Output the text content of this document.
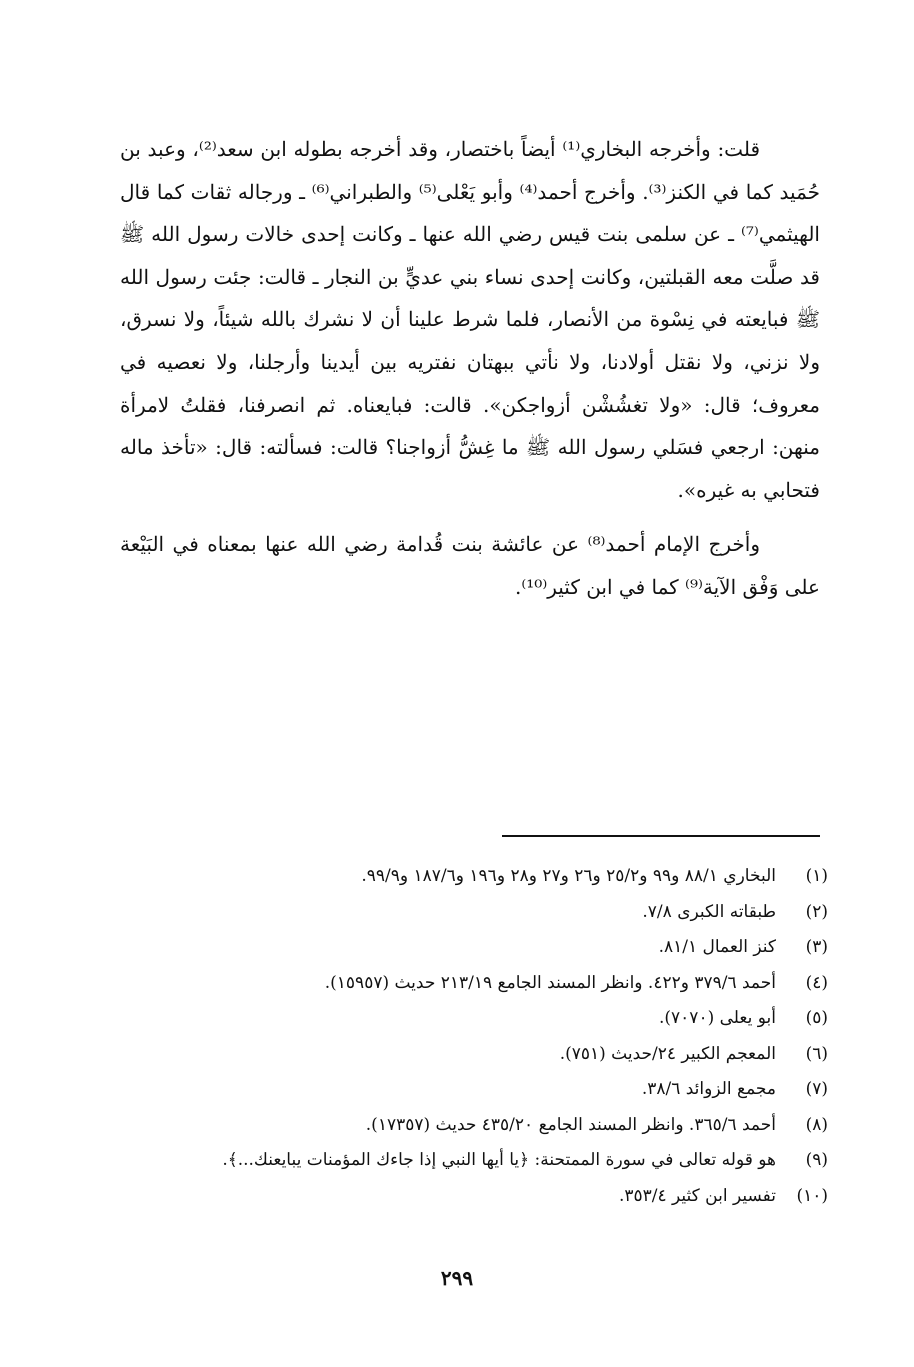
قلت: وأخرجه البخاري⁽¹⁾ أيضاً باختصار، وقد أخرجه بطوله ابن سعد⁽²⁾، وعبد بن حُمَيد كما في الكنز⁽³⁾. وأخرج أحمد⁽⁴⁾ وأبو يَعْلى⁽⁵⁾ والطبراني⁽⁶⁾ ـ ورجاله ثقات كما قال الهيثمي⁽⁷⁾ ـ عن سلمى بنت قيس رضي الله عنها ـ وكانت إحدى خالات رسول الله ﷺ قد صلَّت معه القبلتين، وكانت إحدى نساء بني عديٍّ بن النجار ـ قالت: جئت رسول الله ﷺ فبايعته في نِسْوة من الأنصار، فلما شرط علينا أن لا نشرك بالله شيئاً، ولا نسرق، ولا نزني، ولا نقتل أولادنا، ولا نأتي ببهتان نفتريه بين أيدينا وأرجلنا، ولا نعصيه في معروف؛ قال: «ولا تغشُشْن أزواجكن». قالت: فبايعناه. ثم انصرفنا، فقلتُ لامرأة منهن: ارجعي فسَلي رسول الله ﷺ ما غِشُّ أزواجنا؟ قالت: فسألته: قال: «تأخذ ماله فتحابي به غيره».

وأخرج الإمام أحمد⁽⁸⁾ عن عائشة بنت قُدامة رضي الله عنها بمعناه في البَيْعة على وَفْق الآية⁽⁹⁾ كما في ابن كثير⁽¹⁰⁾.

(١)
البخاري ٨٨/١ و٩٩ و٢٥/٢ و٢٦ و٢٧ و٢٨ و١٩٦ و١٨٧/٦ و٩٩/٩.
(٢)
طبقاته الكبرى ٧/٨.
(٣)
كنز العمال ٨١/١.
(٤)
أحمد ٣٧٩/٦ و٤٢٢. وانظر المسند الجامع ٢١٣/١٩ حديث (١٥٩٥٧).
(٥)
أبو يعلى (٧٠٧٠).
(٦)
المعجم الكبير ٢٤/حديث (٧٥١).
(٧)
مجمع الزوائد ٣٨/٦.
(٨)
أحمد ٣٦٥/٦. وانظر المسند الجامع ٤٣٥/٢٠ حديث (١٧٣٥٧).
(٩)
هو قوله تعالى في سورة الممتحنة: ﴿يا أيها النبي إذا جاءك المؤمنات يبايعنك...﴾.
(١٠)
تفسير ابن كثير ٣٥٣/٤.
٢٩٩
